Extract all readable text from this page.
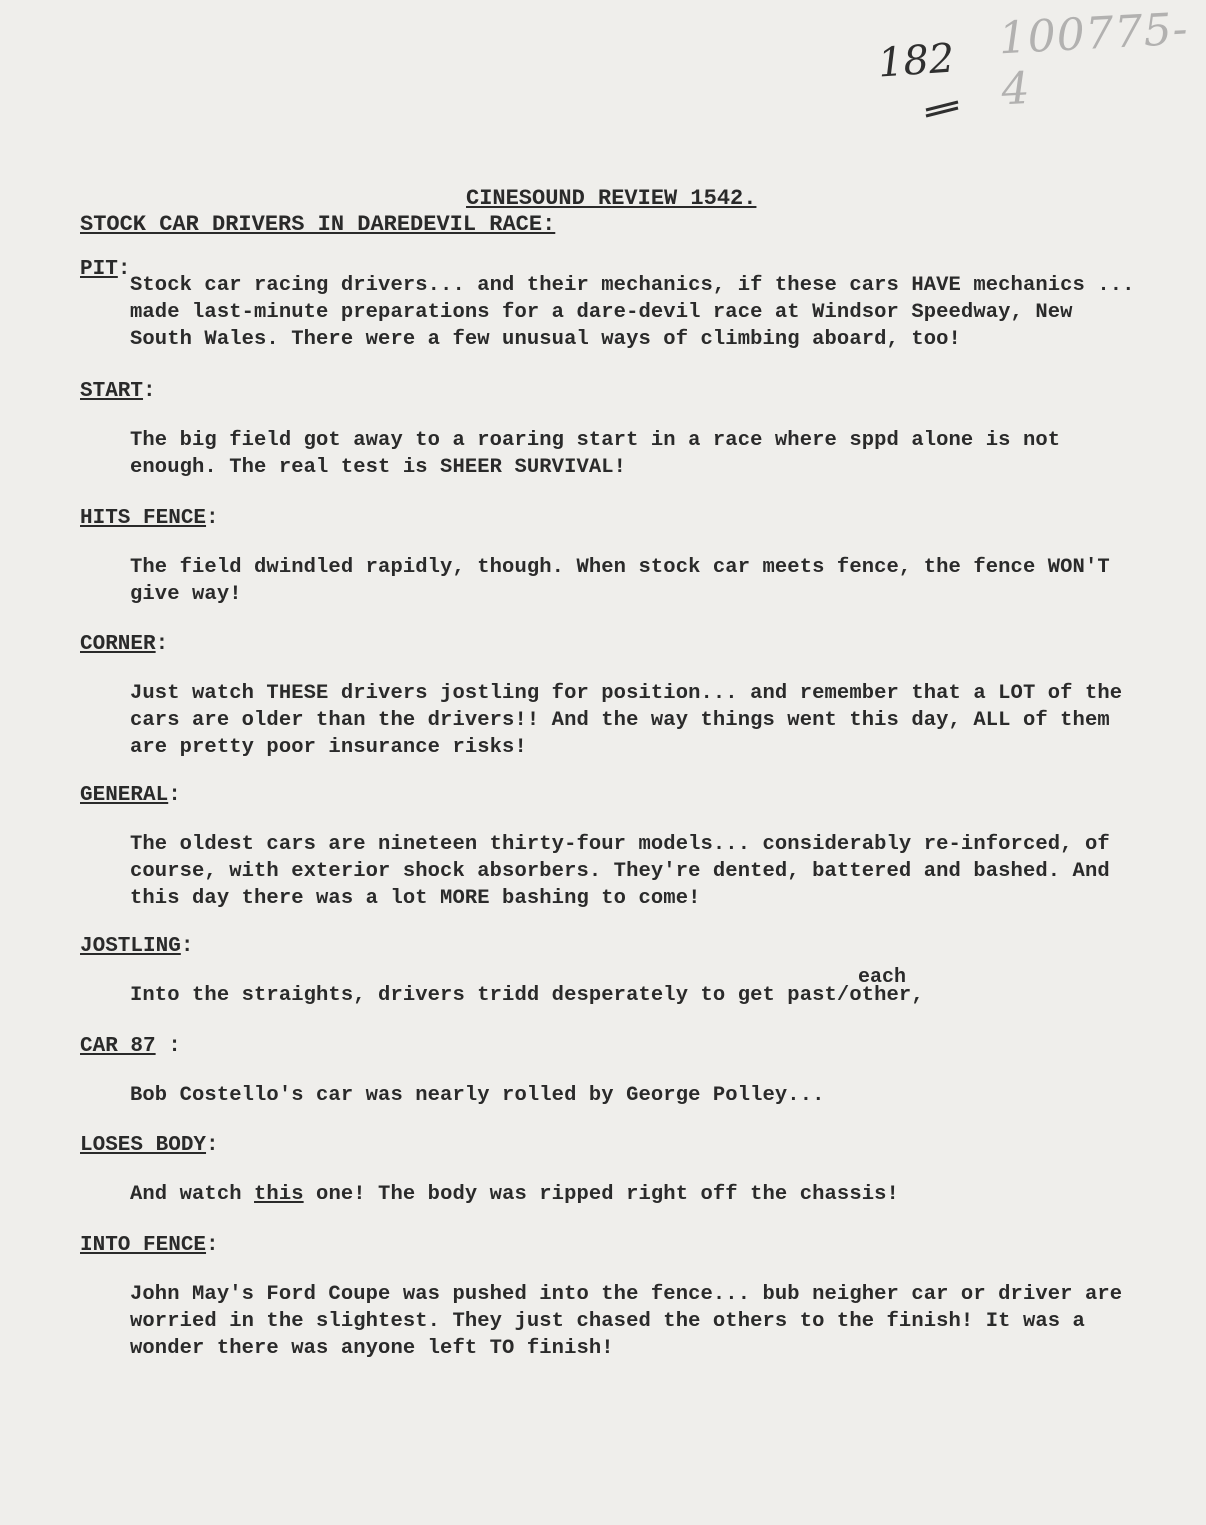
100775-4
182
CINESOUND REVIEW 1542.
STOCK CAR DRIVERS IN DAREDEVIL RACE:
PIT:
Stock car racing drivers... and their mechanics, if these cars HAVE mechanics ...
made last-minute preparations for a dare-devil race at Windsor Speedway, New
South Wales. There were a few unusual ways of climbing aboard, too!
START:
The big field got away to a roaring start in a race where sppd alone is not
enough. The real test is SHEER SURVIVAL!
HITS FENCE:
The field dwindled rapidly, though. When stock car meets fence, the fence WON'T
give way!
CORNER:
Just watch THESE drivers jostling for position... and remember that a LOT of the
cars are older than the drivers!! And the way things went this day, ALL of them
are pretty poor insurance risks!
GENERAL:
The oldest cars are nineteen thirty-four models... considerably re-inforced, of
course, with exterior shock absorbers. They're dented, battered and bashed. And
this day there was a lot MORE bashing to come!
JOSTLING:
each
Into the straights, drivers tridd desperately to get past/other,
CAR 87 :
Bob Costello's car was nearly rolled by George Polley...
LOSES BODY:
And watch this one! The body was ripped right off the chassis!
INTO FENCE:
John May's Ford Coupe was pushed into the fence... bub neigher car or driver are
worried in the slightest. They just chased the others to the finish! It was a
wonder there was anyone left TO finish!
